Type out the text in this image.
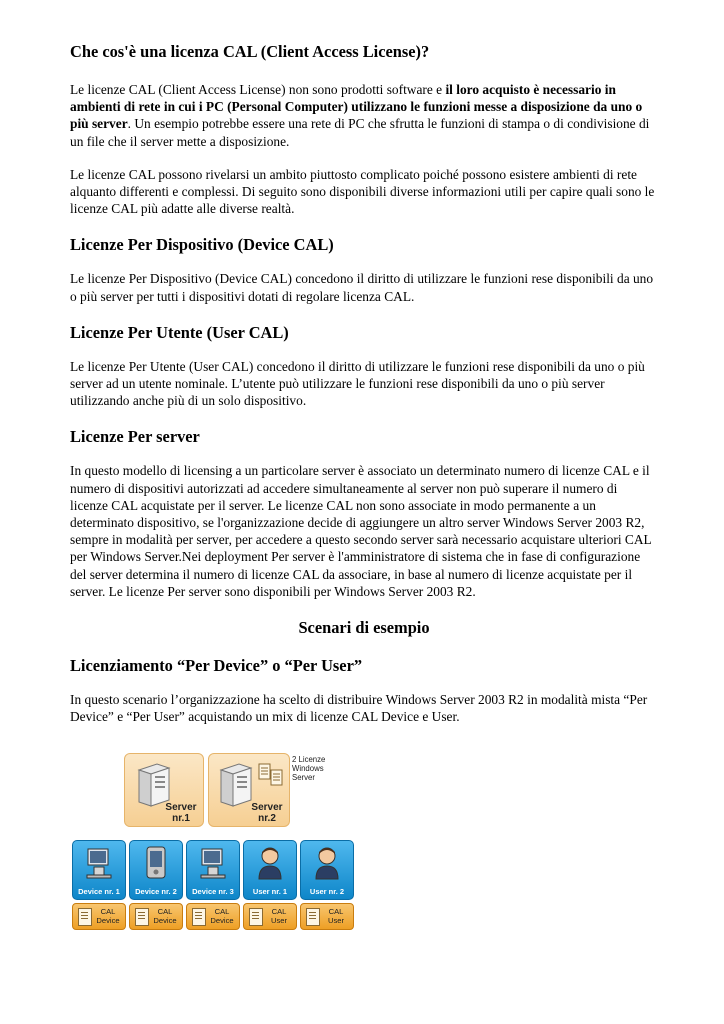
Che cos'è una licenza CAL (Client Access License)?

Le licenze CAL (Client Access License) non sono prodotti software e il loro acquisto è necessario in ambienti di rete in cui i PC (Personal Computer) utilizzano le funzioni messe a disposizione da uno o più server. Un esempio potrebbe essere una rete di PC che sfrutta le funzioni di stampa o di condivisione di un file che il server mette a disposizione.

Le licenze CAL possono rivelarsi un ambito piuttosto complicato poiché possono esistere ambienti di rete alquanto differenti e complessi. Di seguito sono disponibili diverse informazioni utili per capire quali sono le licenze CAL più adatte alle diverse realtà.

Licenze Per Dispositivo (Device CAL)

Le licenze Per Dispositivo (Device CAL) concedono il diritto di utilizzare le funzioni rese disponibili da uno o più server per tutti i dispositivi dotati di regolare licenza CAL.

Licenze Per Utente (User CAL)

Le licenze Per Utente (User CAL) concedono il diritto di utilizzare le funzioni rese disponibili da uno o più server ad un utente nominale. L’utente può utilizzare le funzioni rese disponibili da uno o più server utilizzando anche più di un solo dispositivo.

Licenze Per server

In questo modello di licensing a un particolare server è associato un determinato numero di licenze CAL e il numero di dispositivi autorizzati ad accedere simultaneamente al server non può superare il numero di licenze CAL acquistate per il server. Le licenze CAL non sono associate in modo permanente a un determinato dispositivo, se l'organizzazione decide di aggiungere un altro server Windows Server 2003 R2, sempre in modalità per server, per accedere a questo secondo server sarà necessario acquistare ulteriori CAL per Windows Server.Nei deployment Per server è l'amministratore di sistema che in fase di configurazione del server determina il numero di licenze CAL da associare, in base al numero di licenze acquistate per il server. Le licenze Per server sono disponibili per Windows Server 2003 R2.

Scenari di esempio
Licenziamento “Per Device” o “Per User”

In questo scenario l’organizzazione ha scelto di distribuire Windows Server 2003 R2 in modalità mista “Per Device” e “Per User” acquistando un mix di licenze CAL Device e User.

Server
nr.1
Server
nr.2
2 Licenze
Windows
Server
Device nr. 1	Device nr. 2	Device nr. 3	User nr. 1	User nr. 2
CAL
Device
CAL
Device
CAL
Device
CAL
User
CAL
User
